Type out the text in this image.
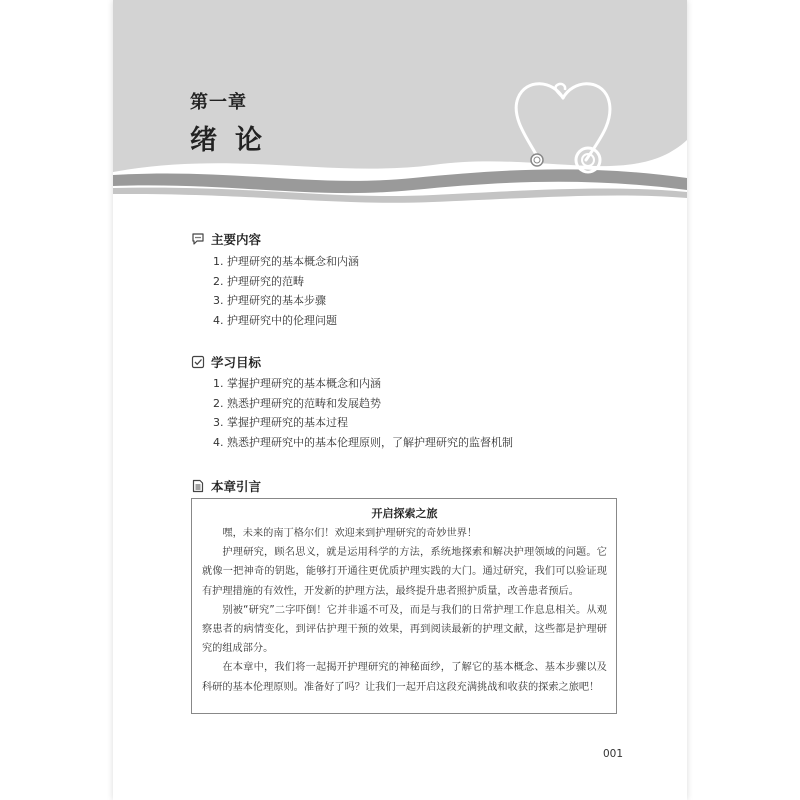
第一章
绪论
主要内容
1. 护理研究的基本概念和内涵
2. 护理研究的范畴
3. 护理研究的基本步骤
4. 护理研究中的伦理问题
学习目标
1. 掌握护理研究的基本概念和内涵
2. 熟悉护理研究的范畴和发展趋势
3. 掌握护理研究的基本过程
4. 熟悉护理研究中的基本伦理原则，了解护理研究的监督机制
本章引言
开启探索之旅

嘿，未来的南丁格尔们！欢迎来到护理研究的奇妙世界！

护理研究，顾名思义，就是运用科学的方法，系统地探索和解决护理领域的问题。它就像一把神奇的钥匙，能够打开通往更优质护理实践的大门。通过研究，我们可以验证现有护理措施的有效性，开发新的护理方法，最终提升患者照护质量，改善患者预后。

别被“研究”二字吓倒！它并非遥不可及，而是与我们的日常护理工作息息相关。从观察患者的病情变化，到评估护理干预的效果，再到阅读最新的护理文献，这些都是护理研究的组成部分。

在本章中，我们将一起揭开护理研究的神秘面纱，了解它的基本概念、基本步骤以及科研的基本伦理原则。准备好了吗？让我们一起开启这段充满挑战和收获的探索之旅吧！

001
